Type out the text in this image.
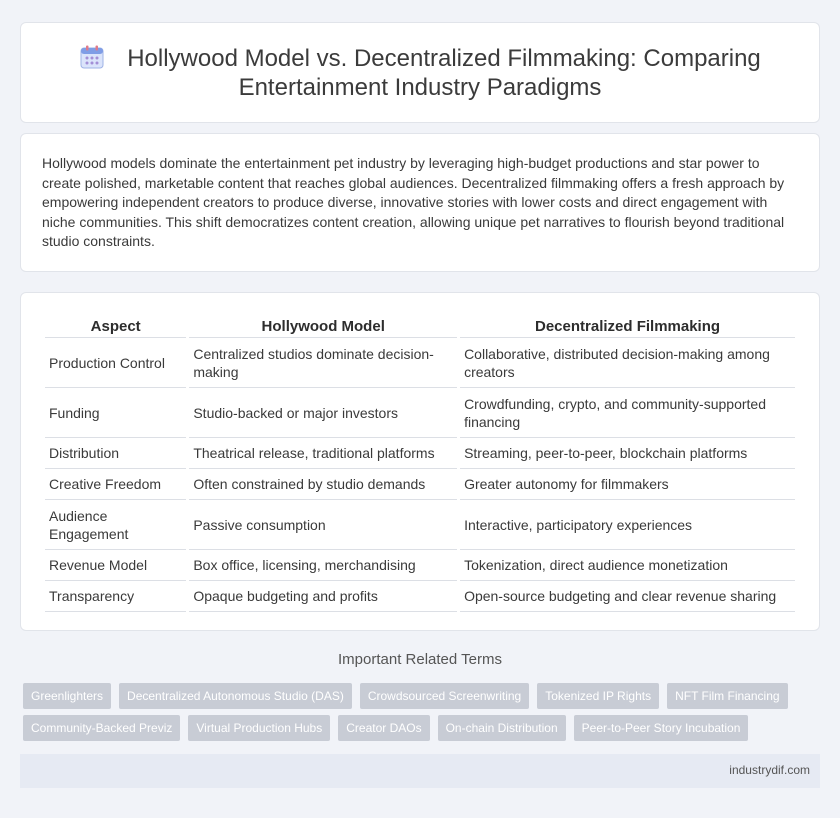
Hollywood Model vs. Decentralized Filmmaking: Comparing Entertainment Industry Paradigms

Hollywood models dominate the entertainment pet industry by leveraging high-budget productions and star power to create polished, marketable content that reaches global audiences. Decentralized filmmaking offers a fresh approach by empowering independent creators to produce diverse, innovative stories with lower costs and direct engagement with niche communities. This shift democratizes content creation, allowing unique pet narratives to flourish beyond traditional studio constraints.

Aspect	Hollywood Model	Decentralized Filmmaking
Production Control	Centralized studios dominate decision-making	Collaborative, distributed decision-making among creators
Funding	Studio-backed or major investors	Crowdfunding, crypto, and community-supported financing
Distribution	Theatrical release, traditional platforms	Streaming, peer-to-peer, blockchain platforms
Creative Freedom	Often constrained by studio demands	Greater autonomy for filmmakers
Audience Engagement	Passive consumption	Interactive, participatory experiences
Revenue Model	Box office, licensing, merchandising	Tokenization, direct audience monetization
Transparency	Opaque budgeting and profits	Open-source budgeting and clear revenue sharing
Important Related Terms
Greenlighters	Decentralized Autonomous Studio (DAS)	Crowdsourced Screenwriting	Tokenized IP Rights	NFT Film Financing
Community-Backed Previz	Virtual Production Hubs	Creator DAOs	On-chain Distribution	Peer-to-Peer Story Incubation
industrydif.com
